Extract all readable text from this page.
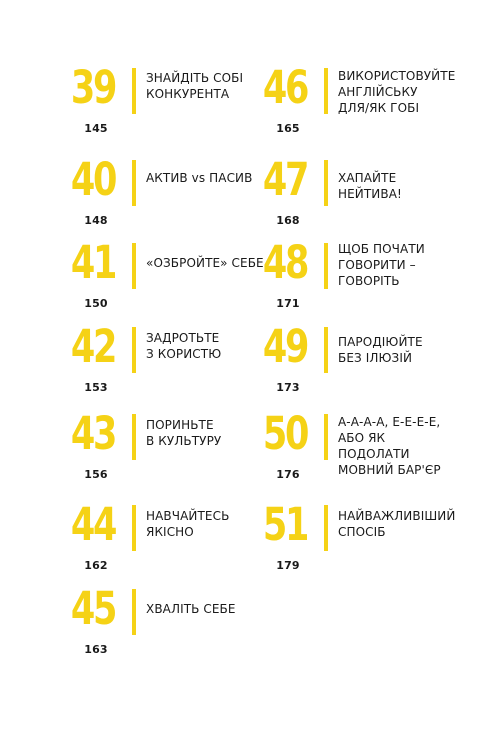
39
145
ЗНАЙДІТЬ СОБІ
КОНКУРЕНТА
40
148
АКТИВ vs ПАСИВ
41
150
«ОЗБРОЙТЕ» СЕБЕ
42
153
ЗАДРОТЬТЕ
З КОРИСТЮ
43
156
ПОРИНЬТЕ
В КУЛЬТУРУ
44
162
НАВЧАЙТЕСЬ
ЯКІСНО
45
163
ХВАЛІТЬ СЕБЕ
46
165
ВИКОРИСТОВУЙТЕ
АНГЛІЙСЬКУ
ДЛЯ/ЯК ГОБІ
47
168
ХАПАЙТЕ НЕЙТИВА!
48
171
ЩОБ ПОЧАТИ
ГОВОРИТИ –
ГОВОРІТЬ
49
173
ПАРОДІЮЙТЕ
БЕЗ ІЛЮЗІЙ
50
176
А-А-А-А, Е-Е-Е-Е,
АБО ЯК ПОДОЛАТИ
МОВНИЙ БАР'ЄР
51
179
НАЙВАЖЛИВІШИЙ
СПОСІБ
